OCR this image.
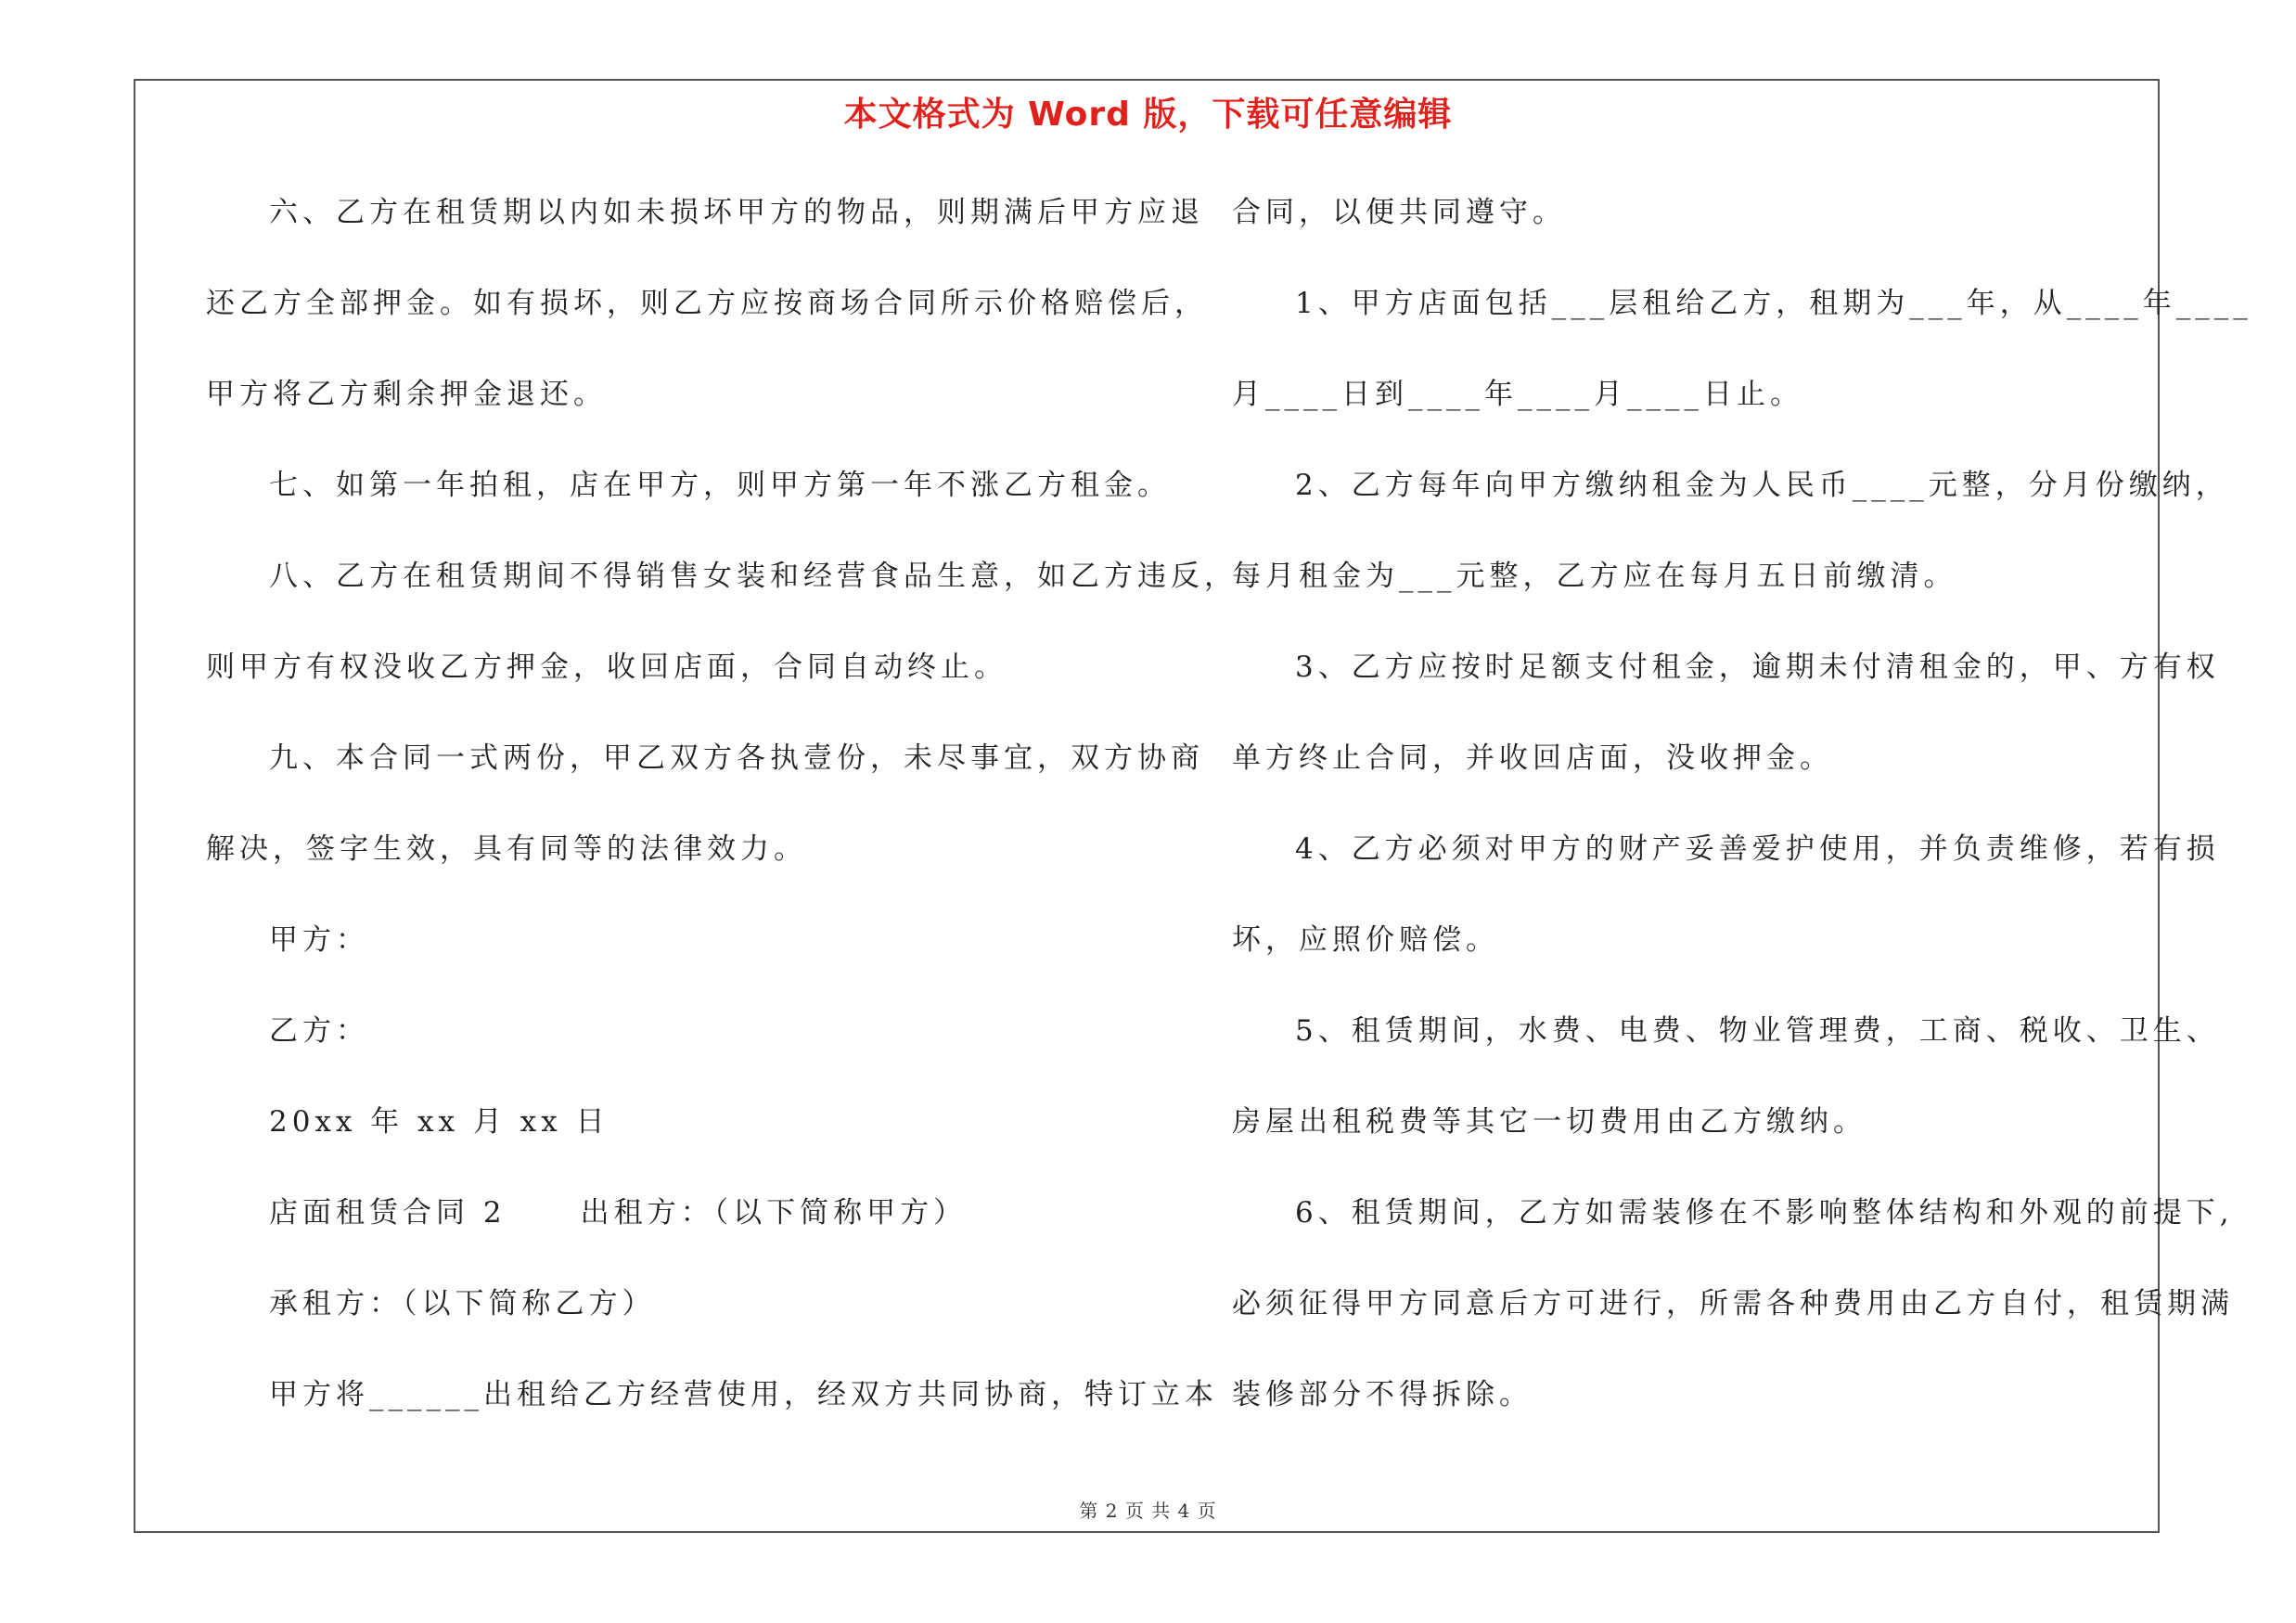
本文格式为 Word 版，下载可任意编辑
六、乙方在租赁期以内如未损坏甲方的物品，则期满后甲方应退
还乙方全部押金。如有损坏，则乙方应按商场合同所示价格赔偿后，
甲方将乙方剩余押金退还。
七、如第一年拍租，店在甲方，则甲方第一年不涨乙方租金。
八、乙方在租赁期间不得销售女装和经营食品生意，如乙方违反，
则甲方有权没收乙方押金，收回店面，合同自动终止。
九、本合同一式两份，甲乙双方各执壹份，未尽事宜，双方协商
解决，签字生效，具有同等的法律效力。
甲方：
乙方：
20xx 年 xx 月 xx 日
店面租赁合同 2	出租方：（以下简称甲方）
承租方：（以下简称乙方）
甲方将______出租给乙方经营使用，经双方共同协商，特订立本
合同，以便共同遵守。
1、甲方店面包括___层租给乙方，租期为___年，从____年____
月____日到____年____月____日止。
2、乙方每年向甲方缴纳租金为人民币____元整，分月份缴纳，
每月租金为___元整，乙方应在每月五日前缴清。
3、乙方应按时足额支付租金，逾期未付清租金的，甲、方有权
单方终止合同，并收回店面，没收押金。
4、乙方必须对甲方的财产妥善爱护使用，并负责维修，若有损
坏，应照价赔偿。
5、租赁期间，水费、电费、物业管理费，工商、税收、卫生、
房屋出租税费等其它一切费用由乙方缴纳。
6、租赁期间，乙方如需装修在不影响整体结构和外观的前提下,
必须征得甲方同意后方可进行，所需各种费用由乙方自付，租赁期满
装修部分不得拆除。
第 2 页 共 4 页
